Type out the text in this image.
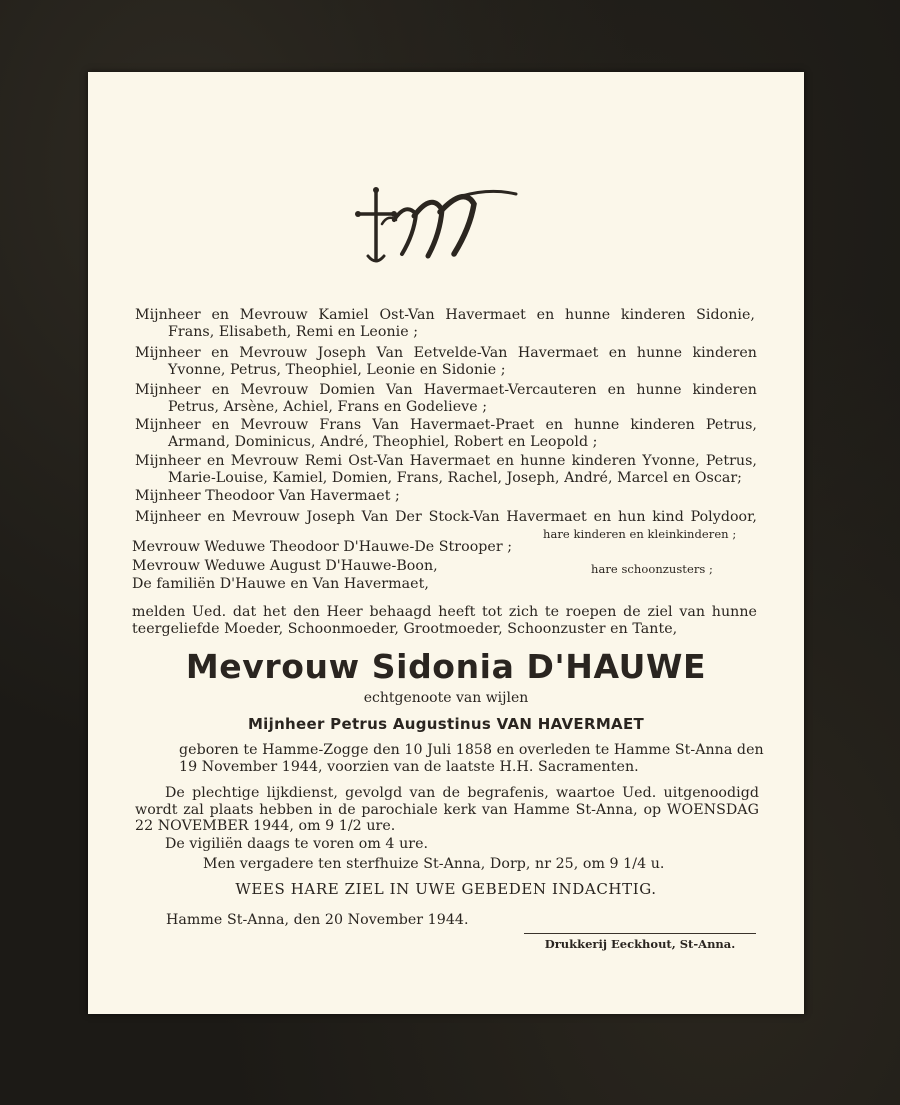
Mijnheer en Mevrouw Kamiel Ost-Van Havermaet en hunne kinderen Sidonie,
Frans, Elisabeth, Remi en Leonie ;
Mijnheer en Mevrouw Joseph Van Eetvelde-Van Havermaet en hunne kinderen
Yvonne, Petrus, Theophiel, Leonie en Sidonie ;
Mijnheer en Mevrouw Domien Van Havermaet-Vercauteren en hunne kinderen
Petrus, Arsène, Achiel, Frans en Godelieve ;
Mijnheer en Mevrouw Frans Van Havermaet-Praet en hunne kinderen Petrus,
Armand, Dominicus, André, Theophiel, Robert en Leopold ;
Mijnheer en Mevrouw Remi Ost-Van Havermaet en hunne kinderen Yvonne, Petrus,
Marie-Louise, Kamiel, Domien, Frans, Rachel, Joseph, André, Marcel en Oscar;
Mijnheer Theodoor Van Havermaet ;
Mijnheer en Mevrouw Joseph Van Der Stock-Van Havermaet en hun kind Polydoor,
hare kinderen en kleinkinderen ;
Mevrouw Weduwe Theodoor D'Hauwe-De Strooper ;
Mevrouw Weduwe August D'Hauwe-Boon,	hare schoonzusters ;
De familiën D'Hauwe en Van Havermaet,
melden Ued. dat het den Heer behaagd heeft tot zich te roepen de ziel van hunne
teergeliefde Moeder, Schoonmoeder, Grootmoeder, Schoonzuster en Tante,
Mevrouw Sidonia D'HAUWE
echtgenoote van wijlen
Mijnheer Petrus Augustinus VAN HAVERMAET
geboren te Hamme-Zogge den 10 Juli 1858 en overleden te Hamme St-Anna den
19 November 1944, voorzien van de laatste H.H. Sacramenten.
De plechtige lijkdienst, gevolgd van de begrafenis, waartoe Ued. uitgenoodigd
wordt zal plaats hebben in de parochiale kerk van Hamme St-Anna, op WOENSDAG
22 NOVEMBER 1944, om 9 1/2 ure.
De vigiliën daags te voren om 4 ure.
Men vergadere ten sterfhuize St-Anna, Dorp, nr 25, om 9 1/4 u.
WEES HARE ZIEL IN UWE GEBEDEN INDACHTIG.
Hamme St-Anna, den 20 November 1944.
Drukkerij Eeckhout, St-Anna.
